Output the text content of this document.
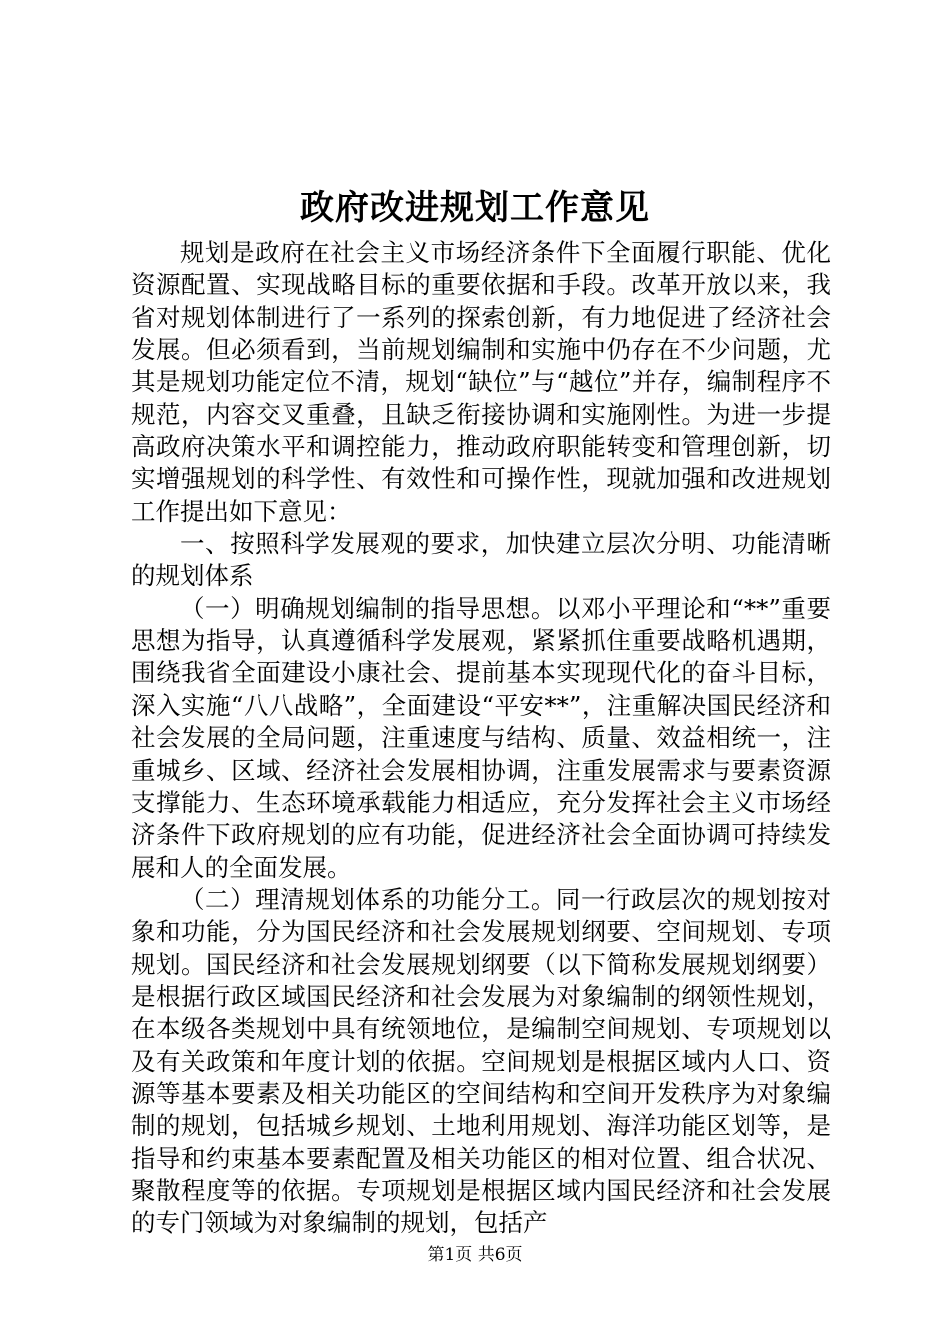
政府改进规划工作意见

规划是政府在社会主义市场经济条件下全面履行职能、优化资源配置、实现战略目标的重要依据和手段。改革开放以来，我省对规划体制进行了一系列的探索创新，有力地促进了经济社会发展。但必须看到，当前规划编制和实施中仍存在不少问题，尤其是规划功能定位不清，规划“缺位”与“越位”并存，编制程序不规范，内容交叉重叠，且缺乏衔接协调和实施刚性。为进一步提高政府决策水平和调控能力，推动政府职能转变和管理创新，切实增强规划的科学性、有效性和可操作性，现就加强和改进规划工作提出如下意见：

一、按照科学发展观的要求，加快建立层次分明、功能清晰的规划体系

（一）明确规划编制的指导思想。以邓小平理论和“**”重要思想为指导，认真遵循科学发展观，紧紧抓住重要战略机遇期，围绕我省全面建设小康社会、提前基本实现现代化的奋斗目标，深入实施“八八战略”，全面建设“平安**”，注重解决国民经济和社会发展的全局问题，注重速度与结构、质量、效益相统一，注重城乡、区域、经济社会发展相协调，注重发展需求与要素资源支撑能力、生态环境承载能力相适应，充分发挥社会主义市场经济条件下政府规划的应有功能，促进经济社会全面协调可持续发展和人的全面发展。

（二）理清规划体系的功能分工。同一行政层次的规划按对象和功能，分为国民经济和社会发展规划纲要、空间规划、专项规划。国民经济和社会发展规划纲要（以下简称发展规划纲要）是根据行政区域国民经济和社会发展为对象编制的纲领性规划，在本级各类规划中具有统领地位，是编制空间规划、专项规划以及有关政策和年度计划的依据。空间规划是根据区域内人口、资源等基本要素及相关功能区的空间结构和空间开发秩序为对象编制的规划，包括城乡规划、土地利用规划、海洋功能区划等，是指导和约束基本要素配置及相关功能区的相对位置、组合状况、聚散程度等的依据。专项规划是根据区域内国民经济和社会发展的专门领域为对象编制的规划，包括产

第1页 共6页
